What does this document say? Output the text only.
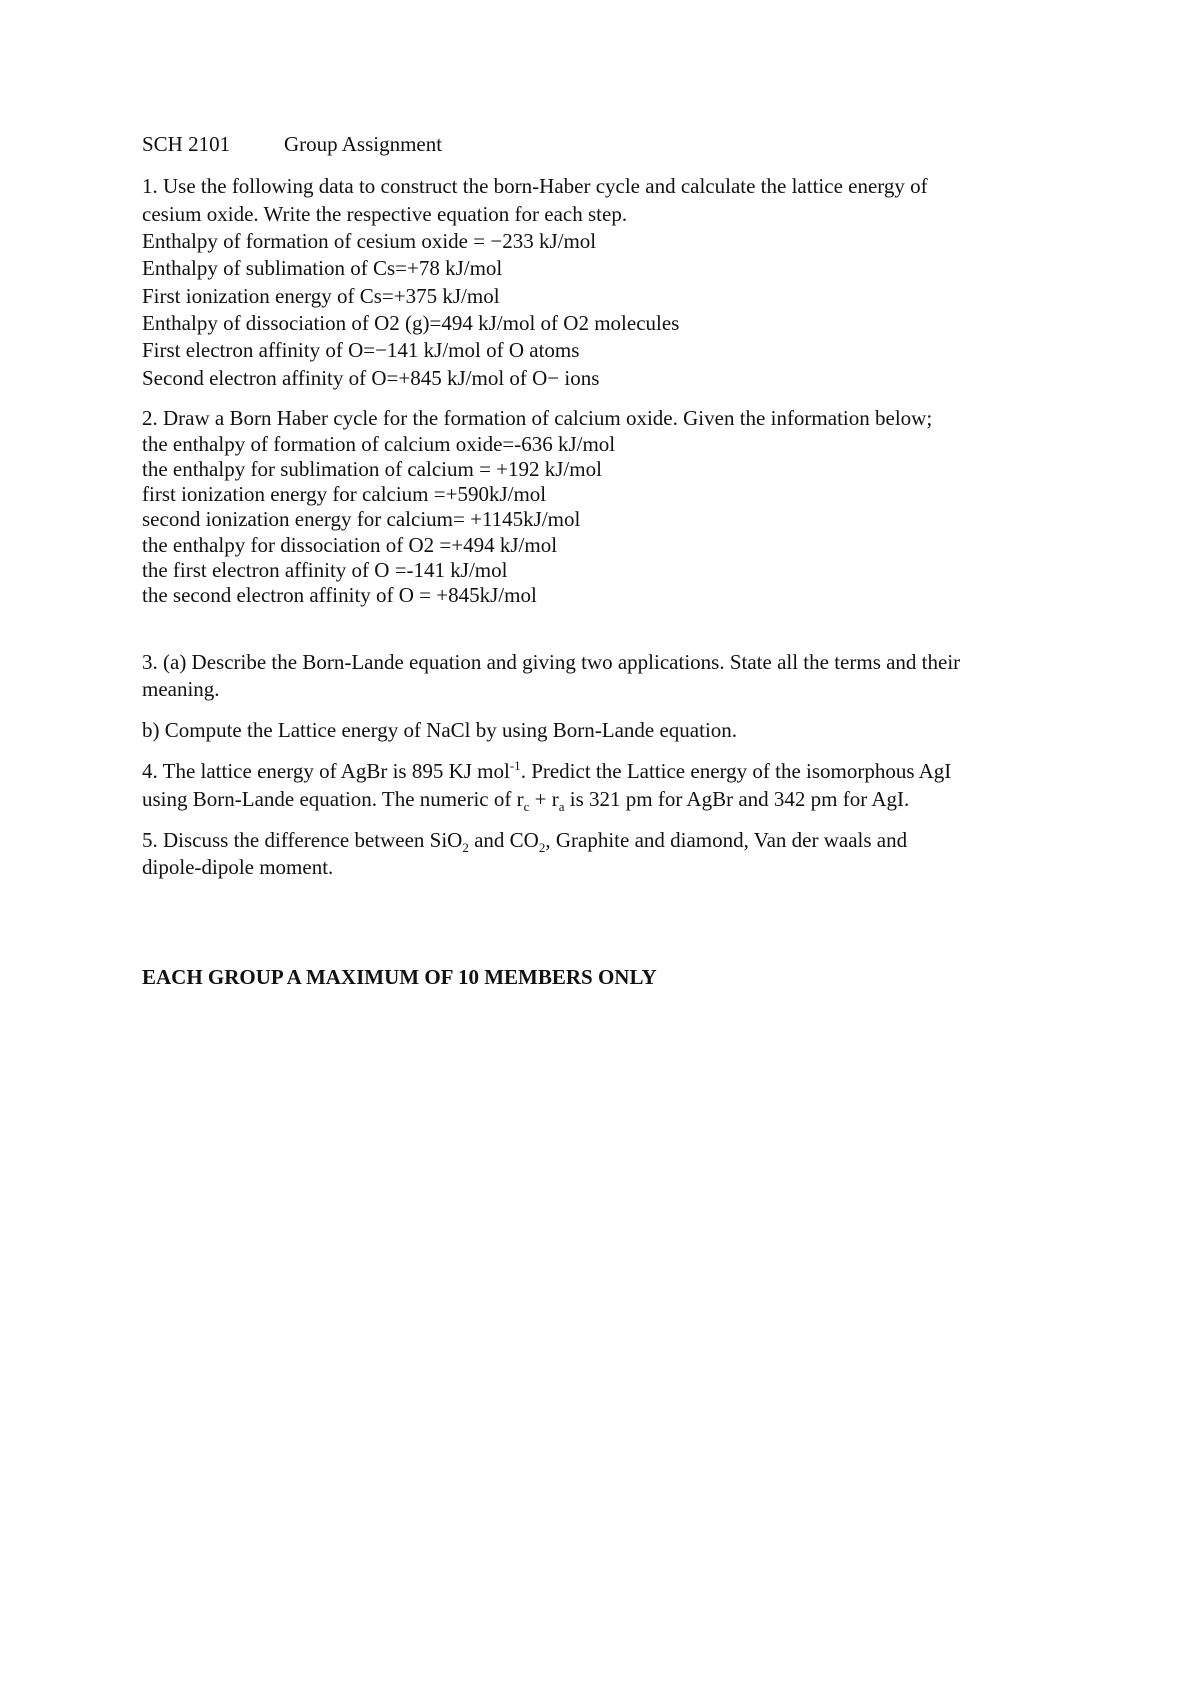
SCH 2101	Group Assignment

1. Use the following data to construct the born-Haber cycle and calculate the lattice energy of

cesium oxide. Write the respective equation for each step.

Enthalpy of formation of cesium oxide = −233 kJ/mol

Enthalpy of sublimation of Cs=+78 kJ/mol

First ionization energy of Cs=+375 kJ/mol

Enthalpy of dissociation of O2 (g)=494 kJ/mol of O2 molecules

First electron affinity of O=−141 kJ/mol of O atoms

Second electron affinity of O=+845 kJ/mol of O− ions

2. Draw a Born Haber cycle for the formation of calcium oxide. Given the information below;

the enthalpy of formation of calcium oxide=-636 kJ/mol

the enthalpy for sublimation of calcium = +192 kJ/mol

first ionization energy for calcium =+590kJ/mol

second ionization energy for calcium= +1145kJ/mol

the enthalpy for dissociation of O2 =+494 kJ/mol

the first electron affinity of O =-141 kJ/mol

the second electron affinity of O = +845kJ/mol

3. (a) Describe the Born-Lande equation and giving two applications. State all the terms and their

meaning.

b) Compute the Lattice energy of NaCl by using Born-Lande equation.

4. The lattice energy of AgBr is 895 KJ mol$^{-1}$. Predict the Lattice energy of the isomorphous AgI

using Born-Lande equation. The numeric of $r_c + r_a$ is 321 pm for AgBr and 342 pm for AgI.

5. Discuss the difference between SiO$_2$ and $CO_2$, Graphite and diamond, Van der waals and

dipole-dipole moment.

EACH GROUP A MAXIMUM OF 10 MEMBERS ONLY
